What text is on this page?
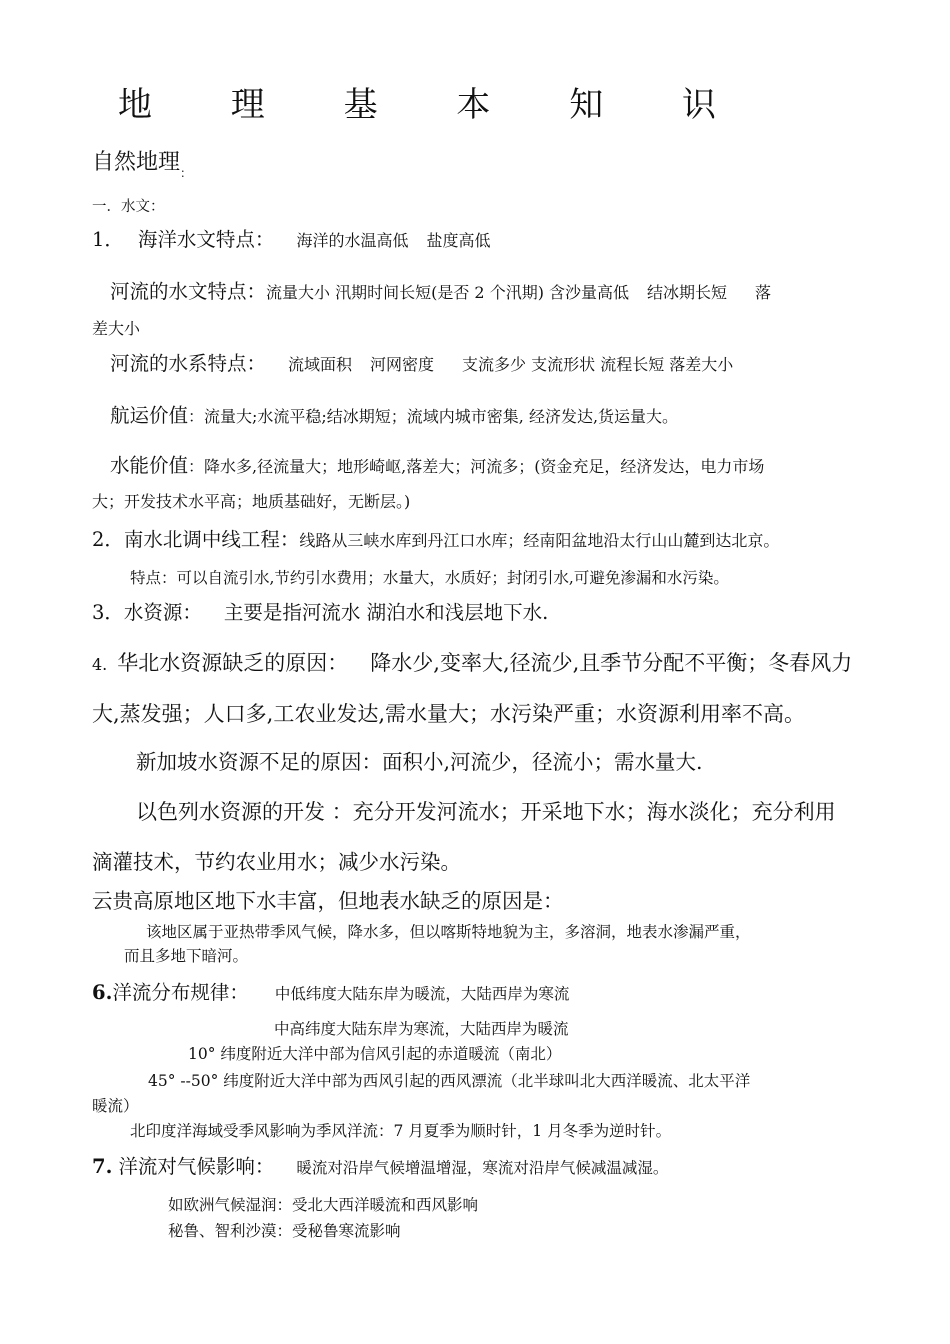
地 理 基 本 知 识
自然地理$_:$
一．水文：
1． 海洋水文特点： 海洋的水温高低 盐度高低
河流的水文特点：流量大小 汛期时间长短(是否 2 个汛期) 含沙量高低 结冰期长短 落
差大小
河流的水系特点： 流域面积 河网密度 支流多少 支流形状 流程长短 落差大小
航运价值：流量大;水流平稳;结冰期短；流域内城市密集, 经济发达,货运量大。
水能价值：降水多,径流量大；地形崎岖,落差大；河流多；(资金充足，经济发达，电力市场
大；开发技术水平高；地质基础好，无断层。)
2．南水北调中线工程：线路从三峡水库到丹江口水库；经南阳盆地沿太行山山麓到达北京。
特点：可以自流引水,节约引水费用；水量大，水质好；封闭引水,可避免渗漏和水污染。
3．水资源： 主要是指河流水 湖泊水和浅层地下水.
4. 华北水资源缺乏的原因： 降水少,变率大,径流少,且季节分配不平衡；冬春风力
大,蒸发强；人口多,工农业发达,需水量大；水污染严重；水资源利用率不高。
新加坡水资源不足的原因：面积小,河流少，径流小；需水量大.
以色列水资源的开发 ：充分开发河流水；开采地下水；海水淡化；充分利用
滴灌技术，节约农业用水；减少水污染。
云贵高原地区地下水丰富，但地表水缺乏的原因是：
该地区属于亚热带季风气候，降水多，但以喀斯特地貌为主，多溶洞，地表水渗漏严重，
而且多地下暗河。
6.洋流分布规律： 中低纬度大陆东岸为暖流，大陆西岸为寒流
中高纬度大陆东岸为寒流，大陆西岸为暖流
10° 纬度附近大洋中部为信风引起的赤道暖流（南北）
45° --50° 纬度附近大洋中部为西风引起的西风漂流（北半球叫北大西洋暖流、北太平洋
暖流）
北印度洋海域受季风影响为季风洋流：7 月夏季为顺时针，1 月冬季为逆时针。
7. 洋流对气候影响： 暖流对沿岸气候增温增湿，寒流对沿岸气候减温减湿。
如欧洲气候湿润：受北大西洋暖流和西风影响
秘鲁、智利沙漠：受秘鲁寒流影响
